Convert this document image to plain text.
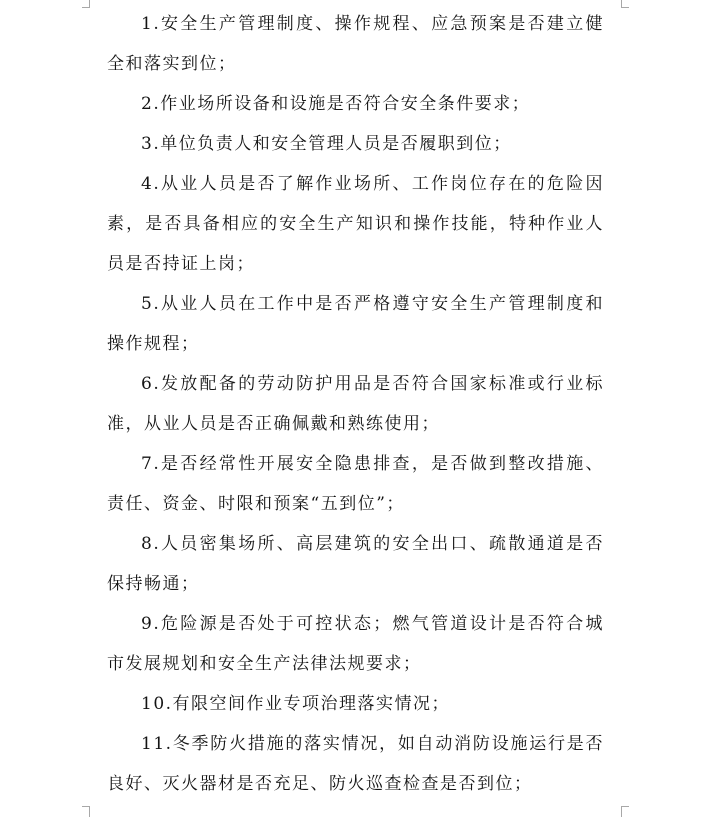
1.安全生产管理制度、操作规程、应急预案是否建立健全和落实到位；

2.作业场所设备和设施是否符合安全条件要求；

3.单位负责人和安全管理人员是否履职到位；

4.从业人员是否了解作业场所、工作岗位存在的危险因素，是否具备相应的安全生产知识和操作技能，特种作业人员是否持证上岗；

5.从业人员在工作中是否严格遵守安全生产管理制度和操作规程；

6.发放配备的劳动防护用品是否符合国家标准或行业标准，从业人员是否正确佩戴和熟练使用；

7.是否经常性开展安全隐患排查，是否做到整改措施、责任、资金、时限和预案“五到位”；

8.人员密集场所、高层建筑的安全出口、疏散通道是否保持畅通；

9.危险源是否处于可控状态；燃气管道设计是否符合城市发展规划和安全生产法律法规要求；

10.有限空间作业专项治理落实情况；

11.冬季防火措施的落实情况，如自动消防设施运行是否良好、灭火器材是否充足、防火巡查检查是否到位；
